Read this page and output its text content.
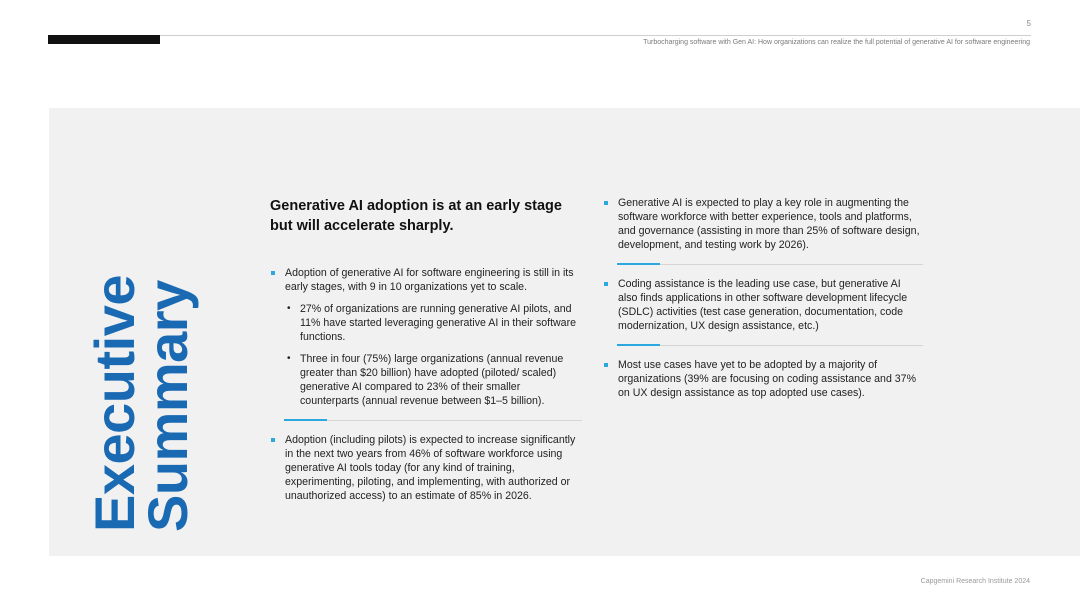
5
Turbocharging software with Gen AI: How organizations can realize the full potential of generative AI for software engineering
Executive
Summary
Generative AI adoption is at an early stage but will accelerate sharply.
Adoption of generative AI for software engineering is still in its early stages, with 9 in 10 organizations yet to scale.
• 27% of organizations are running generative AI pilots, and 11% have started leveraging generative AI in their software functions.
• Three in four (75%) large organizations (annual revenue greater than $20 billion) have adopted (piloted/ scaled) generative AI compared to 23% of their smaller counterparts (annual revenue between $1–5 billion).
Adoption (including pilots) is expected to increase significantly in the next two years from 46% of software workforce using generative AI tools today (for any kind of training, experimenting, piloting, and implementing, with authorized or unauthorized access) to an estimate of 85% in 2026.
Generative AI is expected to play a key role in augmenting the software workforce with better experience, tools and platforms, and governance (assisting in more than 25% of software design, development, and testing work by 2026).
Coding assistance is the leading use case, but generative AI also finds applications in other software development lifecycle (SDLC) activities (test case generation, documentation, code modernization, UX design assistance, etc.)
Most use cases have yet to be adopted by a majority of organizations (39% are focusing on coding assistance and 37% on UX design assistance as top adopted use cases).
Capgemini Research Institute 2024
